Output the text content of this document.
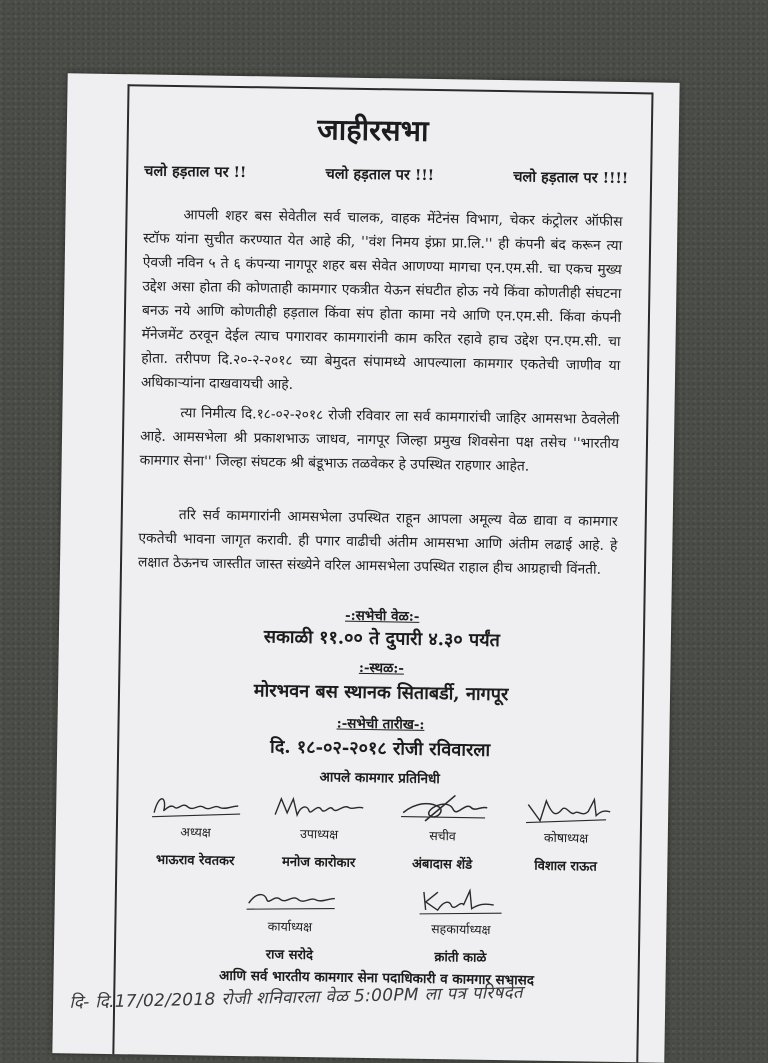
जाहीरसभा
चलो हड़ताल पर !!	चलो हड़ताल पर !!!	चलो हड़ताल पर !!!!

आपली शहर बस सेवेतील सर्व चालक, वाहक मेंटेनंस विभाग, चेकर कंट्रोलर ऑफीस स्टॉफ यांना सुचीत करण्यात येत आहे की, ''वंश निमय इंफ्रा प्रा.लि.'' ही कंपनी बंद करून त्या ऐवजी नविन ५ ते ६ कंपन्या नागपूर शहर बस सेवेत आणण्या मागचा एन.एम.सी. चा एकच मुख्य उद्देश असा होता की कोणताही कामगार एकत्रीत येऊन संघटीत होऊ नये किंवा कोणतीही संघटना बनऊ नये आणि कोणतीही हड़ताल किंवा संप होता कामा नये आणि एन.एम.सी. किंवा कंपनी मॅनेजमेंट ठरवून देईल त्याच पगारावर कामगारांनी काम करित रहावे हाच उद्देश एन.एम.सी. चा होता. तरीपण दि.२०-२-२०१८ च्या बेमुदत संपामध्ये आपल्याला कामगार एकतेची जाणीव या अधिकाऱ्यांना दाखवायची आहे.

त्या निमीत्य दि.१८-०२-२०१८ रोजी रविवार ला सर्व कामगारांची जाहिर आमसभा ठेवलेली आहे. आमसभेला श्री प्रकाशभाऊ जाधव, नागपूर जिल्हा प्रमुख शिवसेना पक्ष तसेच ''भारतीय कामगार सेना'' जिल्हा संघटक श्री बंडूभाऊ तळवेकर हे उपस्थित राहणार आहेत.

तरि सर्व कामगारांनी आमसभेला उपस्थित राहून आपला अमूल्य वेळ द्यावा व कामगार एकतेची भावना जागृत करावी. ही पगार वाढीची अंतीम आमसभा आणि अंतीम लढाई आहे. हे लक्षात ठेऊनच जास्तीत जास्त संख्येने वरिल आमसभेला उपस्थित राहाल हीच आग्रहाची विंनती.

-:सभेची वेळ:-
सकाळी ११.०० ते दुपारी ४.३० पर्यंत
:-स्थळ:-
मोरभवन बस स्थानक सिताबर्डी, नागपूर
:-सभेची तारीख-:
दि. १८-०२-२०१८ रोजी रविवारला
आपले कामगार प्रतिनिधी
अध्यक्ष
भाऊराव रेवतकर
उपाध्यक्ष
मनोज कारोकार
सचीव
अंबादास शेंडे
कोषाध्यक्ष
विशाल राऊत
कार्याध्यक्ष
राज सरोदे
सहकार्याध्यक्ष
क्रांती काळे
आणि सर्व भारतीय कामगार सेना पदाधिकारी व कामगार सभासद
दि- दि.17/02/2018 रोजी शनिवारला वेळ 5:00PM ला पत्र परिषदेत
